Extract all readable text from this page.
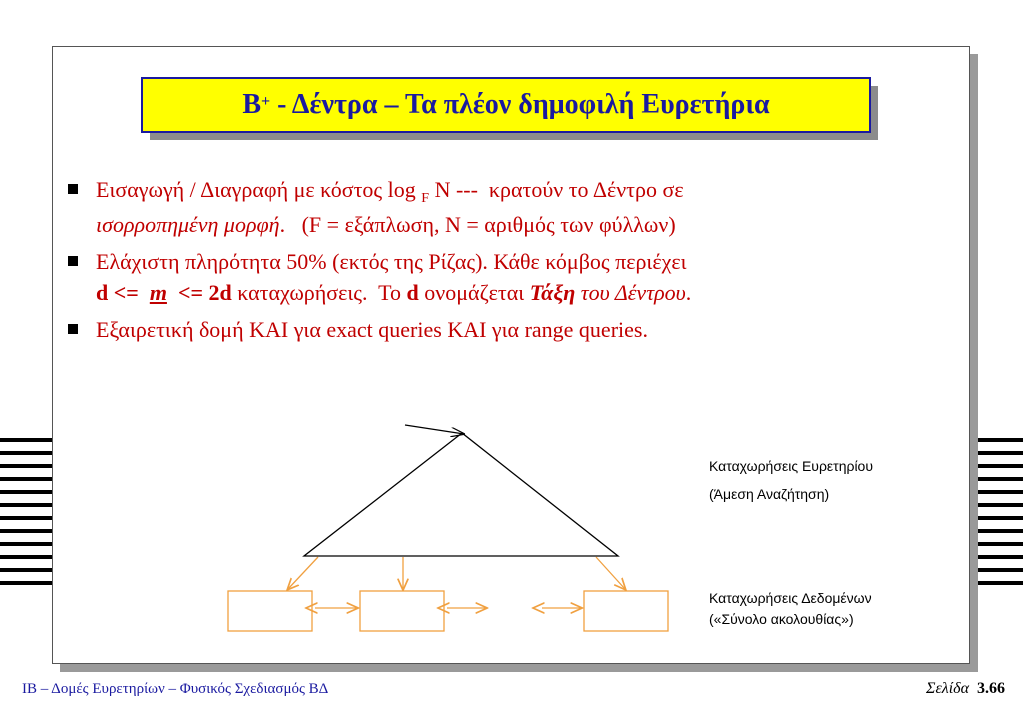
B+ - Δέντρα – Τα πλέον δημοφιλή Ευρετήρια
Εισαγωγή / Διαγραφή με κόστος log $_F$ N ---  κρατούν το Δέντρο σε
ισορροπημένη μορφή.   (F = εξάπλωση, N = αριθμός των φύλλων)
Ελάχιστη πληρότητα 50% (εκτός της Ρίζας). Κάθε κόμβος περιέχει
d <=  m  <= 2d καταχωρήσεις.  Το d ονομάζεται Τάξη του Δέντρου.
Εξαιρετική δομή ΚΑΙ για exact queries ΚΑΙ για range queries.
Καταχωρήσεις Ευρετηρίου
(Άμεση Αναζήτηση)
Καταχωρήσεις Δεδομένων
(«Σύνολο ακολουθίας»)
ΙΒ – Δομές Ευρετηρίων – Φυσικός Σχεδιασμός ΒΔ	Σελίδα 3.66
